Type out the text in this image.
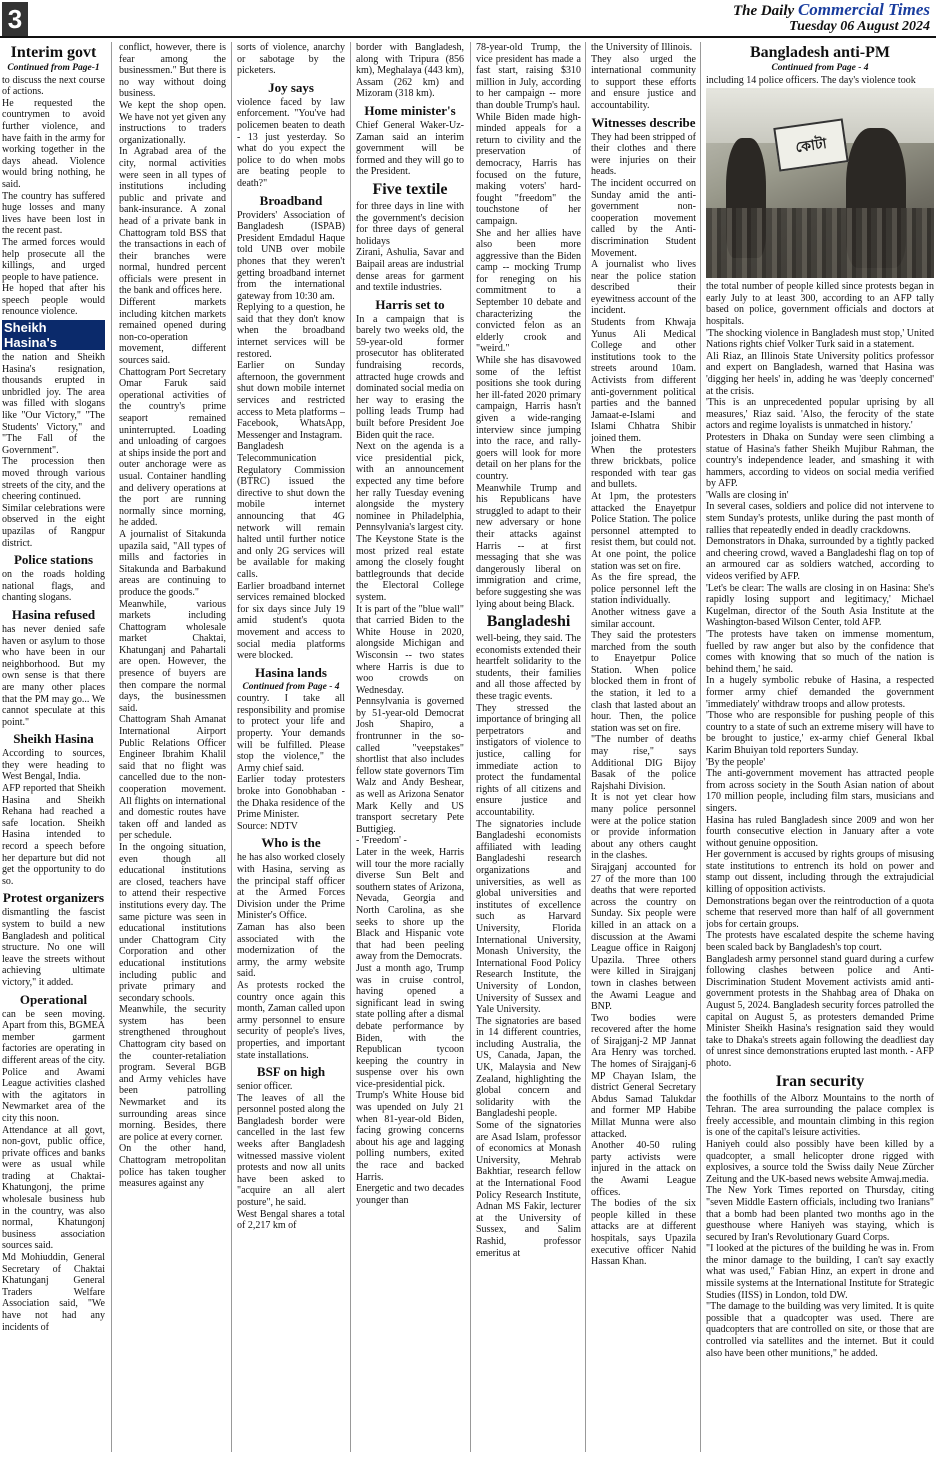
3	The Daily Commercial Times
Tuesday 06 August 2024
Interim govt
Continued from Page-1

to discuss the next course of actions.

He requested the countrymen to avoid further violence, and have faith in the army for working together in the days ahead. Violence would bring nothing, he said.

The country has suffered huge losses and many lives have been lost in the recent past.

The armed forces would help prosecute all the killings, and urged people to have patience.

He hoped that after his speech people would renounce violence.

Sheikh Hasina's

the nation and Sheikh Hasina's resignation, thousands erupted in unbridled joy. The area was filled with slogans like "Our Victory," "The Students' Victory," and "The Fall of the Government".

The procession then moved through various streets of the city, and the cheering continued.

Similar celebrations were observed in the eight upazilas of Rangpur district.

Police stations

on the roads holding national flags, and chanting slogans.

Hasina refused

has never denied safe haven or asylum to those who have been in our neighborhood. But my own sense is that there are many other places that the PM may go... We cannot speculate at this point."

Sheikh Hasina

According to sources, they were heading to West Bengal, India.

AFP reported that Sheikh Hasina and Sheikh Rehana had reached a safe location. Sheikh Hasina intended to record a speech before her departure but did not get the opportunity to do so.

Protest organizers

dismantling the fascist system to build a new Bangladesh and political structure. No one will leave the streets without achieving ultimate victory," it added.

Operational

can be seen moving. Apart from this, BGMEA member garment factories are operating in different areas of the city. Police and Awami League activities clashed with the agitators in Newmarket area of the city this noon.

Attendance at all govt, non-govt, public office, private offices and banks were as usual while trading at Chaktai-Khatungonj, the prime wholesale business hub in the country, was also normal, Khatungonj business association sources said.

Md Mohiuddin, General Secretary of Chaktai Khatunganj General Traders Welfare Association said, "We have not had any incidents of

conflict, however, there is fear among the businessmen." But there is no way without doing business.

We kept the shop open. We have not yet given any instructions to traders organizationally.

In Agrabad area of the city, normal activities were seen in all types of institutions including public and private and bank-insurance. A zonal head of a private bank in Chattogram told BSS that the transactions in each of their branches were normal, hundred percent officials were present in the bank and offices here.

Different markets including kitchen markets remained opened during non-co-operation movement, different sources said.

Chattogram Port Secretary Omar Faruk said operational activities of the country's prime seaport remained uninterrupted. Loading and unloading of cargoes at ships inside the port and outer anchorage were as usual. Container handling and delivery operations at the port are running normally since morning, he added.

A journalist of Sitakunda upazila said, "All types of mills and factories in Sitakunda and Barbakund areas are continuing to produce the goods."

Meanwhile, various markets including Chattogram wholesale market Chaktai, Khatunganj and Pahartali are open. However, the presence of buyers are then compare the normal days, the businessmen said.

Chattogram Shah Amanat International Airport Public Relations Officer Engineer Ibrahim Khalil said that no flight was cancelled due to the non-cooperation movement. All flights on international and domestic routes have taken off and landed as per schedule.

In the ongoing situation, even though all educational institutions are closed, teachers have to attend their respective institutions every day. The same picture was seen in educational institutions under Chattogram City Corporation and other educational institutions including public and private primary and secondary schools.

Meanwhile, the security system has been strengthened throughout Chattogram city based on the counter-retaliation program. Several BGB and Army vehicles have been patrolling Newmarket and its surrounding areas since morning. Besides, there are police at every corner.

On the other hand, Chattogram metropolitan police has taken tougher measures against any

sorts of violence, anarchy or sabotage by the picketers.

Joy says

violence faced by law enforcement. "You've had policemen beaten to death - 13 just yesterday. So what do you expect the police to do when mobs are beating people to death?"

Broadband

Providers' Association of Bangladesh (ISPAB) President Emdadul Haque told UNB over mobile phones that they weren't getting broadband internet from the international gateway from 10:30 am.

Replying to a question, he said that they don't know when the broadband internet services will be restored.

Earlier on Sunday afternoon, the government shut down mobile internet services and restricted access to Meta platforms – Facebook, WhatsApp, Messenger and Instagram.

Bangladesh Telecommunication Regulatory Commission (BTRC) issued the directive to shut down the mobile internet announcing that 4G network will remain halted until further notice and only 2G services will be available for making calls.

Earlier broadband internet services remained blocked for six days since July 19 amid student's quota movement and access to social media platforms were blocked.

Hasina lands
Continued from Page - 4

country. I take all responsibility and promise to protect your life and property. Your demands will be fulfilled. Please stop the violence," the Army chief said.

Earlier today protesters broke into Gonobhaban - the Dhaka residence of the Prime Minister.

Source: NDTV

Who is the

he has also worked closely with Hasina, serving as the principal staff officer at the Armed Forces Division under the Prime Minister's Office.

Zaman has also been associated with the modernization of the army, the army website said.

As protests rocked the country once again this month, Zaman called upon army personnel to ensure security of people's lives, properties, and important state installations.

BSF on high

senior officer.

The leaves of all the personnel posted along the Bangladesh border were cancelled in the last few weeks after Bangladesh witnessed massive violent protests and now all units have been asked to "acquire an all alert posture", he said.

West Bengal shares a total of 2,217 km of

border with Bangladesh, along with Tripura (856 km), Meghalaya (443 km), Assam (262 km) and Mizoram (318 km).

Home minister's

Chief General Waker-Uz-Zaman said an interim government will be formed and they will go to the President.

Five textile

for three days in line with the government's decision for three days of general holidays

Zirani, Ashulia, Savar and Baipail areas are industrial dense areas for garment and textile industries.

Harris set to

In a campaign that is barely two weeks old, the 59-year-old former prosecutor has obliterated fundraising records, attracted huge crowds and dominated social media on her way to erasing the polling leads Trump had built before President Joe Biden quit the race.

Next on the agenda is a vice presidential pick, with an announcement expected any time before her rally Tuesday evening alongside the mystery nominee in Philadelphia, Pennsylvania's largest city.

The Keystone State is the most prized real estate among the closely fought battlegrounds that decide the Electoral College system.

It is part of the "blue wall" that carried Biden to the White House in 2020, alongside Michigan and Wisconsin -- two states where Harris is due to woo crowds on Wednesday.

Pennsylvania is governed by 51-year-old Democrat Josh Shapiro, a frontrunner in the so-called "veepstakes" shortlist that also includes fellow state governors Tim Walz and Andy Beshear, as well as Arizona Senator Mark Kelly and US transport secretary Pete Buttigieg.

- 'Freedom' -

Later in the week, Harris will tour the more racially diverse Sun Belt and southern states of Arizona, Nevada, Georgia and North Carolina, as she seeks to shore up the Black and Hispanic vote that had been peeling away from the Democrats.

Just a month ago, Trump was in cruise control, having opened a significant lead in swing state polling after a dismal debate performance by Biden, with the Republican tycoon keeping the country in suspense over his own vice-presidential pick.

Trump's White House bid was upended on July 21 when 81-year-old Biden, facing growing concerns about his age and lagging polling numbers, exited the race and backed Harris.

Energetic and two decades younger than

78-year-old Trump, the vice president has made a fast start, raising $310 million in July, according to her campaign -- more than double Trump's haul.

While Biden made high-minded appeals for a return to civility and the preservation of democracy, Harris has focused on the future, making voters' hard-fought "freedom" the touchstone of her campaign.

She and her allies have also been more aggressive than the Biden camp -- mocking Trump for reneging on his commitment to a September 10 debate and characterizing the convicted felon as an elderly crook and "weird."

While she has disavowed some of the leftist positions she took during her ill-fated 2020 primary campaign, Harris hasn't given a wide-ranging interview since jumping into the race, and rally-goers will look for more detail on her plans for the country.

Meanwhile Trump and his Republicans have struggled to adapt to their new adversary or hone their attacks against Harris -- at first messaging that she was dangerously liberal on immigration and crime, before suggesting she was lying about being Black.

Bangladeshi

well-being, they said. The economists extended their heartfelt solidarity to the students, their families and all those affected by these tragic events.

They stressed the importance of bringing all perpetrators and instigators of violence to justice, calling for immediate action to protect the fundamental rights of all citizens and ensure justice and accountability.

The signatories include Bangladeshi economists affiliated with leading Bangladeshi research organizations and universities, as well as global universities and institutes of excellence such as Harvard University, Florida International University, Monash University, the International Food Policy Research Institute, the University of London, University of Sussex and Yale University.

The signatories are based in 14 different countries, including Australia, the US, Canada, Japan, the UK, Malaysia and New Zealand, highlighting the global concern and solidarity with the Bangladeshi people.

Some of the signatories are Asad Islam, professor of economics at Monash University, Mehrab Bakhtiar, research fellow at the International Food Policy Research Institute, Adnan MS Fakir, lecturer at the University of Sussex, and Salim Rashid, professor emeritus at

the University of Illinois.

They also urged the international community to support these efforts and ensure justice and accountability.

Witnesses describe

They had been stripped of their clothes and there were injuries on their heads.

The incident occurred on Sunday amid the anti-government non-cooperation movement called by the Anti-discrimination Student Movement.

A journalist who lives near the police station described their eyewitness account of the incident.

Students from Khwaja Yunus Ali Medical College and other institutions took to the streets around 10am. Activists from different anti-government political parties and the banned Jamaat-e-Islami and Islami Chhatra Shibir joined them.

When the protesters threw brickbats, police responded with tear gas and bullets.

At 1pm, the protesters attacked the Enayetpur Police Station. The police personnel attempted to resist them, but could not. At one point, the police station was set on fire.

As the fire spread, the police personnel left the station individually.

Another witness gave a similar account.

They said the protesters marched from the south to Enayetpur Police Station. When police blocked them in front of the station, it led to a clash that lasted about an hour. Then, the police station was set on fire.

"The number of deaths may rise," says Additional DIG Bijoy Basak of the police Rajshahi Division.

It is not yet clear how many police personnel were at the police station or provide information about any others caught in the clashes.

Sirajganj accounted for 27 of the more than 100 deaths that were reported across the country on Sunday. Six people were killed in an attack on a discussion at the Awami League office in Raigonj Upazila. Three others were killed in Sirajganj town in clashes between the Awami League and BNP.

Two bodies were recovered after the home of Sirajganj-2 MP Jannat Ara Henry was torched. The homes of Sirajganj-6 MP Chayan Islam, the district General Secretary Abdus Samad Talukdar and former MP Habibe Millat Munna were also attacked.

Another 40-50 ruling party activists were injured in the attack on the Awami League offices.

The bodies of the six people killed in these attacks are at different hospitals, says Upazila executive officer Nahid Hassan Khan.

Bangladesh anti-PM
Continued from Page - 4

including 14 police officers. The day's violence took

কোটা

the total number of people killed since protests began in early July to at least 300, according to an AFP tally based on police, government officials and doctors at hospitals.

'The shocking violence in Bangladesh must stop,' United Nations rights chief Volker Turk said in a statement.

Ali Riaz, an Illinois State University politics professor and expert on Bangladesh, warned that Hasina was 'digging her heels' in, adding he was 'deeply concerned' at the crisis.

'This is an unprecedented popular uprising by all measures,' Riaz said. 'Also, the ferocity of the state actors and regime loyalists is unmatched in history.'

Protesters in Dhaka on Sunday were seen climbing a statue of Hasina's father Sheikh Mujibur Rahman, the country's independence leader, and smashing it with hammers, according to videos on social media verified by AFP.

'Walls are closing in'

In several cases, soldiers and police did not intervene to stem Sunday's protests, unlike during the past month of rallies that repeatedly ended in deadly crackdowns.

Demonstrators in Dhaka, surrounded by a tightly packed and cheering crowd, waved a Bangladeshi flag on top of an armoured car as soldiers watched, according to videos verified by AFP.

'Let's be clear: The walls are closing in on Hasina: She's rapidly losing support and legitimacy,' Michael Kugelman, director of the South Asia Institute at the Washington-based Wilson Center, told AFP.

'The protests have taken on immense momentum, fuelled by raw anger but also by the confidence that comes with knowing that so much of the nation is behind them,' he said.

In a hugely symbolic rebuke of Hasina, a respected former army chief demanded the government 'immediately' withdraw troops and allow protests.

'Those who are responsible for pushing people of this country to a state of such an extreme misery will have to be brought to justice,' ex-army chief General Ikbal Karim Bhuiyan told reporters Sunday.

'By the people'

The anti-government movement has attracted people from across society in the South Asian nation of about 170 million people, including film stars, musicians and singers.

Hasina has ruled Bangladesh since 2009 and won her fourth consecutive election in January after a vote without genuine opposition.

Her government is accused by rights groups of misusing state institutions to entrench its hold on power and stamp out dissent, including through the extrajudicial killing of opposition activists.

Demonstrations began over the reintroduction of a quota scheme that reserved more than half of all government jobs for certain groups.

The protests have escalated despite the scheme having been scaled back by Bangladesh's top court.

Bangladesh army personnel stand guard during a curfew following clashes between police and Anti-Discrimination Student Movement activists amid anti-government protests in the Shahbag area of Dhaka on August 5, 2024. Bangladesh security forces patrolled the capital on August 5, as protesters demanded Prime Minister Sheikh Hasina's resignation said they would take to Dhaka's streets again following the deadliest day of unrest since demonstrations erupted last month. - AFP photo.

Iran security

the foothills of the Alborz Mountains to the north of Tehran. The area surrounding the palace complex is freely accessible, and mountain climbing in this region is one of the capital's leisure activities.

Haniyeh could also possibly have been killed by a quadcopter, a small helicopter drone rigged with explosives, a source told the Swiss daily Neue Zürcher Zeitung and the UK-based news website Amwaj.media.

The New York Times reported on Thursday, citing "seven Middle Eastern officials, including two Iranians" that a bomb had been planted two months ago in the guesthouse where Haniyeh was staying, which is secured by Iran's Revolutionary Guard Corps.

"I looked at the pictures of the building he was in. From the minor damage to the building, I can't say exactly what was used," Fabian Hinz, an expert in drone and missile systems at the International Institute for Strategic Studies (IISS) in London, told DW.

"The damage to the building was very limited. It is quite possible that a quadcopter was used. There are quadcopters that are controlled on site, or those that are controlled via satellites and the internet. But it could also have been other munitions," he added.
